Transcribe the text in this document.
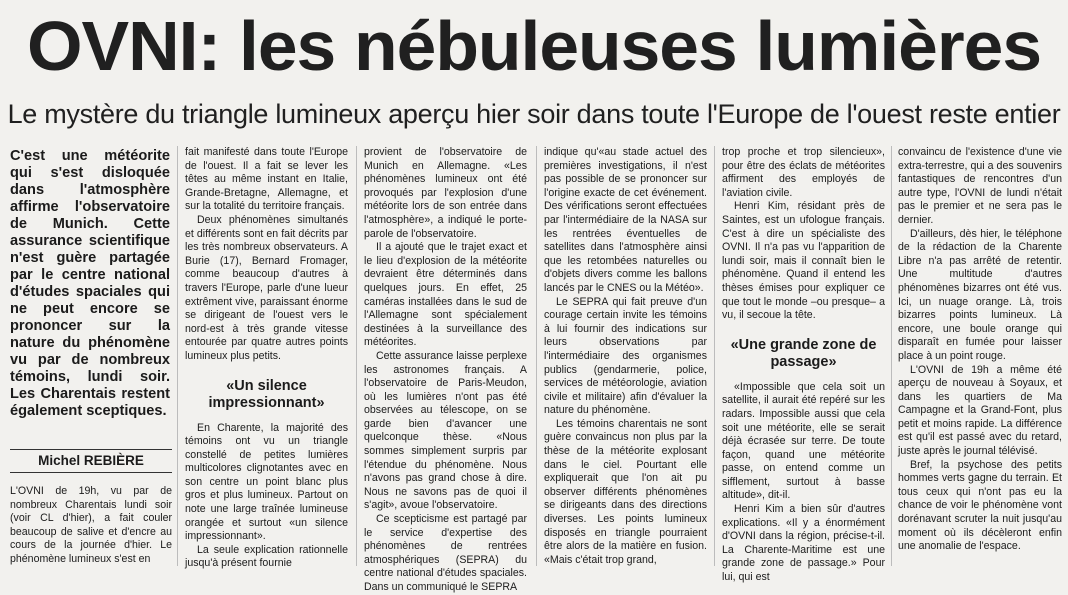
OVNI: les nébuleuses lumières
Le mystère du triangle lumineux aperçu hier soir dans toute l'Europe de l'ouest reste entier
C'est une météorite qui s'est disloquée dans l'atmosphère affirme l'observatoire de Munich. Cette assurance scientifique n'est guère partagée par le centre national d'études spaciales qui ne peut encore se prononcer sur la nature du phénomène vu par de nombreux témoins, lundi soir. Les Charentais restent également sceptiques.
Michel REBIÈRE

L'OVNI de 19h, vu par de nombreux Charentais lundi soir (voir CL d'hier), a fait couler beaucoup de salive et d'encre au cours de la journée d'hier. Le phénomène lumineux s'est en

fait manifesté dans toute l'Europe de l'ouest. Il a fait se lever les têtes au même instant en Italie, Grande-Bretagne, Allemagne, et sur la totalité du territoire français.

Deux phénomènes simultanés et différents sont en fait décrits par les très nombreux observateurs. A Burie (17), Bernard Fromager, comme beaucoup d'autres à travers l'Europe, parle d'une lueur extrêment vive, paraissant énorme se dirigeant de l'ouest vers le nord-est à très grande vitesse entourée par quatre autres points lumineux plus petits.

«Un silence impressionnant»

En Charente, la majorité des témoins ont vu un triangle constellé de petites lumières multicolores clignotantes avec en son centre un point blanc plus gros et plus lumineux. Partout on note une large traînée lumineuse orangée et surtout «un silence impressionnant».

La seule explication rationnelle jusqu'à présent fournie

provient de l'observatoire de Munich en Allemagne. «Les phénomènes lumineux ont été provoqués par l'explosion d'une météorite lors de son entrée dans l'atmosphère», a indiqué le porte-parole de l'observatoire.

Il a ajouté que le trajet exact et le lieu d'explosion de la météorite devraient être déterminés dans quelques jours. En effet, 25 caméras installées dans le sud de l'Allemagne sont spécialement destinées à la surveillance des météorites.

Cette assurance laisse perplexe les astronomes français. A l'observatoire de Paris-Meudon, où les lumières n'ont pas été observées au télescope, on se garde bien d'avancer une quelconque thèse. «Nous sommes simplement surpris par l'étendue du phénomène. Nous n'avons pas grand chose à dire. Nous ne savons pas de quoi il s'agit», avoue l'observatoire.

Ce scepticisme est partagé par le service d'expertise des phénomènes de rentrées atmosphériques (SEPRA) du centre national d'études spaciales. Dans un communiqué le SEPRA

indique qu'«au stade actuel des premières investigations, il n'est pas possible de se prononcer sur l'origine exacte de cet événement. Des vérifications seront effectuées par l'intermédiaire de la NASA sur les rentrées éventuelles de satellites dans l'atmosphère ainsi que les retombées naturelles ou d'objets divers comme les ballons lancés par le CNES ou la Météo».

Le SEPRA qui fait preuve d'un courage certain invite les témoins à lui fournir des indications sur leurs observations par l'intermédiaire des organismes publics (gendarmerie, police, services de météorologie, aviation civile et militaire) afin d'évaluer la nature du phénomène.

Les témoins charentais ne sont guère convaincus non plus par la thèse de la météorite explosant dans le ciel. Pourtant elle expliquerait que l'on ait pu observer différents phénomènes se dirigeants dans des directions diverses. Les points lumineux disposés en triangle pourraient être alors de la matière en fusion. «Mais c'était trop grand,

trop proche et trop silencieux», pour être des éclats de météorites affirment des employés de l'aviation civile.

Henri Kim, résidant près de Saintes, est un ufologue français. C'est à dire un spécialiste des OVNI. Il n'a pas vu l'apparition de lundi soir, mais il connaît bien le phénomène. Quand il entend les thèses émises pour expliquer ce que tout le monde –ou presque– a vu, il secoue la tête.

«Une grande zone de passage»

«Impossible que cela soit un satellite, il aurait été repéré sur les radars. Impossible aussi que cela soit une météorite, elle se serait déjà écrasée sur terre. De toute façon, quand une météorite passe, on entend comme un sifflement, surtout à basse altitude», dit-il.

Henri Kim a bien sûr d'autres explications. «Il y a énormément d'OVNI dans la région, précise-t-il. La Charente-Maritime est une grande zone de passage.» Pour lui, qui est

convaincu de l'existence d'une vie extra-terrestre, qui a des souvenirs fantastiques de rencontres d'un autre type, l'OVNI de lundi n'était pas le premier et ne sera pas le dernier.

D'ailleurs, dès hier, le téléphone de la rédaction de la Charente Libre n'a pas arrêté de retentir. Une multitude d'autres phénomènes bizarres ont été vus. Ici, un nuage orange. Là, trois bizarres points lumineux. Là encore, une boule orange qui disparaît en fumée pour laisser place à un point rouge.

L'OVNI de 19h a même été aperçu de nouveau à Soyaux, et dans les quartiers de Ma Campagne et la Grand-Font, plus petit et moins rapide. La différence est qu'il est passé avec du retard, juste après le journal télévisé.

Bref, la psychose des petits hommes verts gagne du terrain. Et tous ceux qui n'ont pas eu la chance de voir le phénomène vont dorénavant scruter la nuit jusqu'au moment où ils décèleront enfin une anomalie de l'espace.
